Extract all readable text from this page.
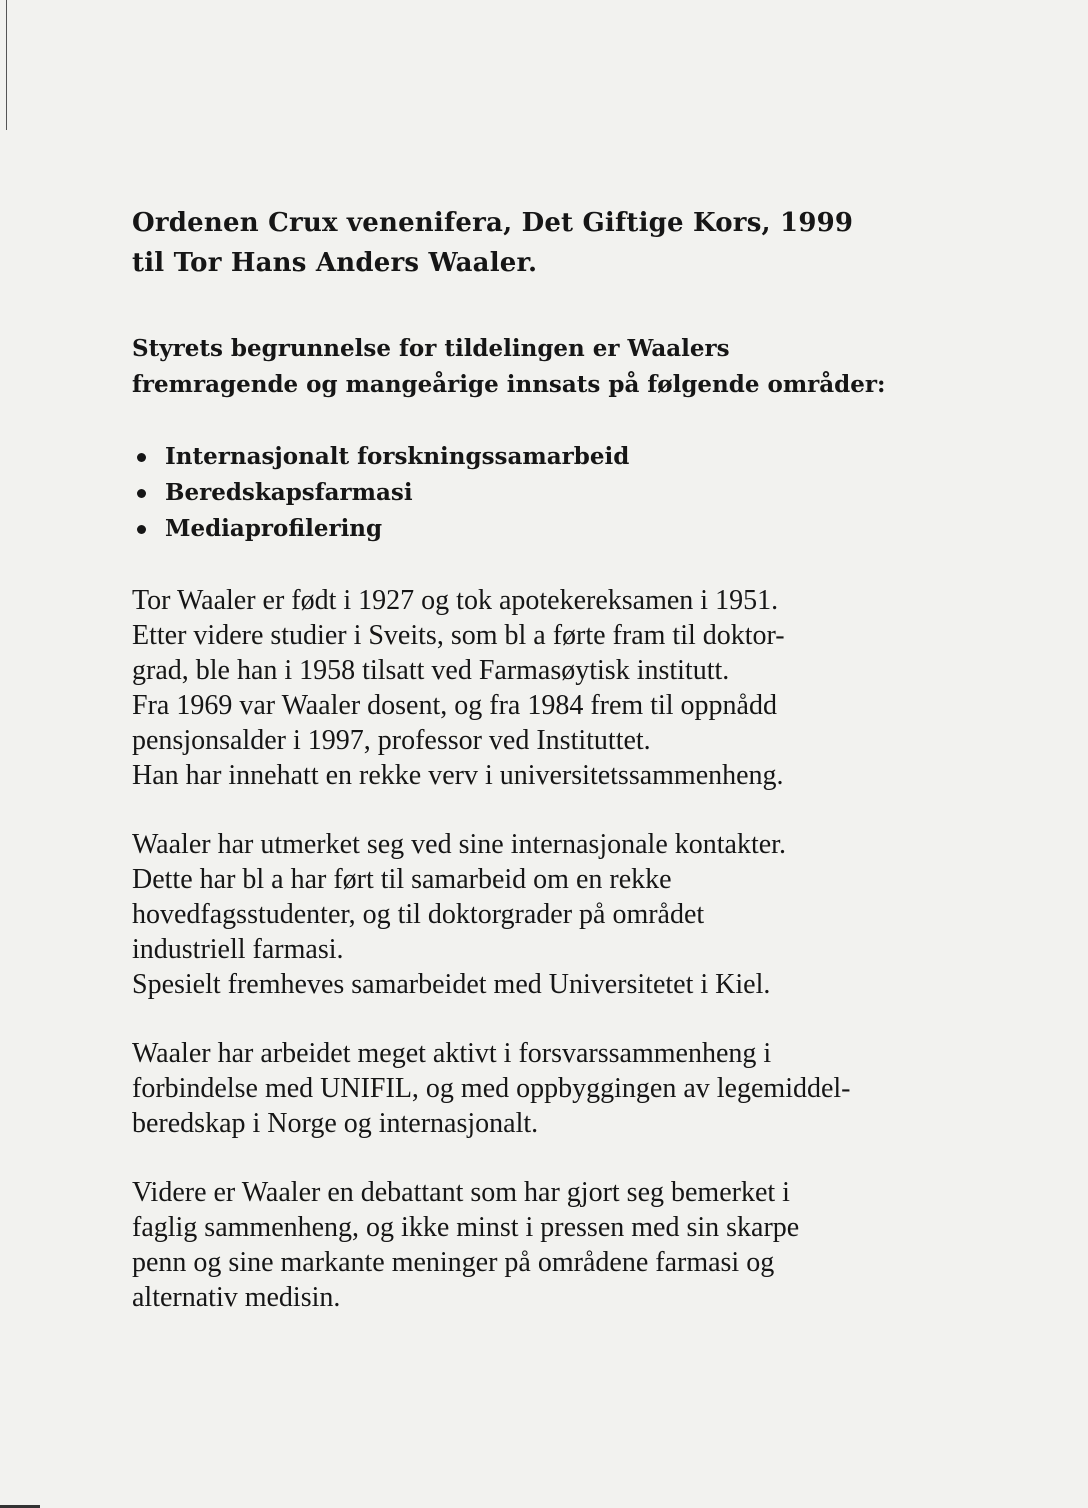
Ordenen Crux venenifera, Det Giftige Kors, 1999
til Tor Hans Anders Waaler.

Styrets begrunnelse for tildelingen er Waalers
fremragende og mangeårige innsats på følgende områder:

Internasjonalt forskningssamarbeid
Beredskapsfarmasi
Mediaprofilering
Tor Waaler er født i 1927 og tok apotekereksamen i 1951.
Etter videre studier i Sveits, som bl a førte fram til doktor-
grad, ble han i 1958 tilsatt ved Farmasøytisk institutt.
Fra 1969 var Waaler dosent, og fra 1984 frem til oppnådd
pensjonsalder i 1997, professor ved Instituttet.
Han har innehatt en rekke verv i universitetssammenheng.
Waaler har utmerket seg ved sine internasjonale kontakter.
Dette har bl a har ført til samarbeid om en rekke
hovedfagsstudenter, og til doktorgrader på området
industriell farmasi.
Spesielt fremheves samarbeidet med Universitetet i Kiel.
Waaler har arbeidet meget aktivt i forsvarssammenheng i
forbindelse med UNIFIL, og med oppbyggingen av legemiddel-
beredskap i Norge og internasjonalt.
Videre er Waaler en debattant som har gjort seg bemerket i
faglig sammenheng, og ikke minst i pressen med sin skarpe
penn og sine markante meninger på områdene farmasi og
alternativ medisin.
